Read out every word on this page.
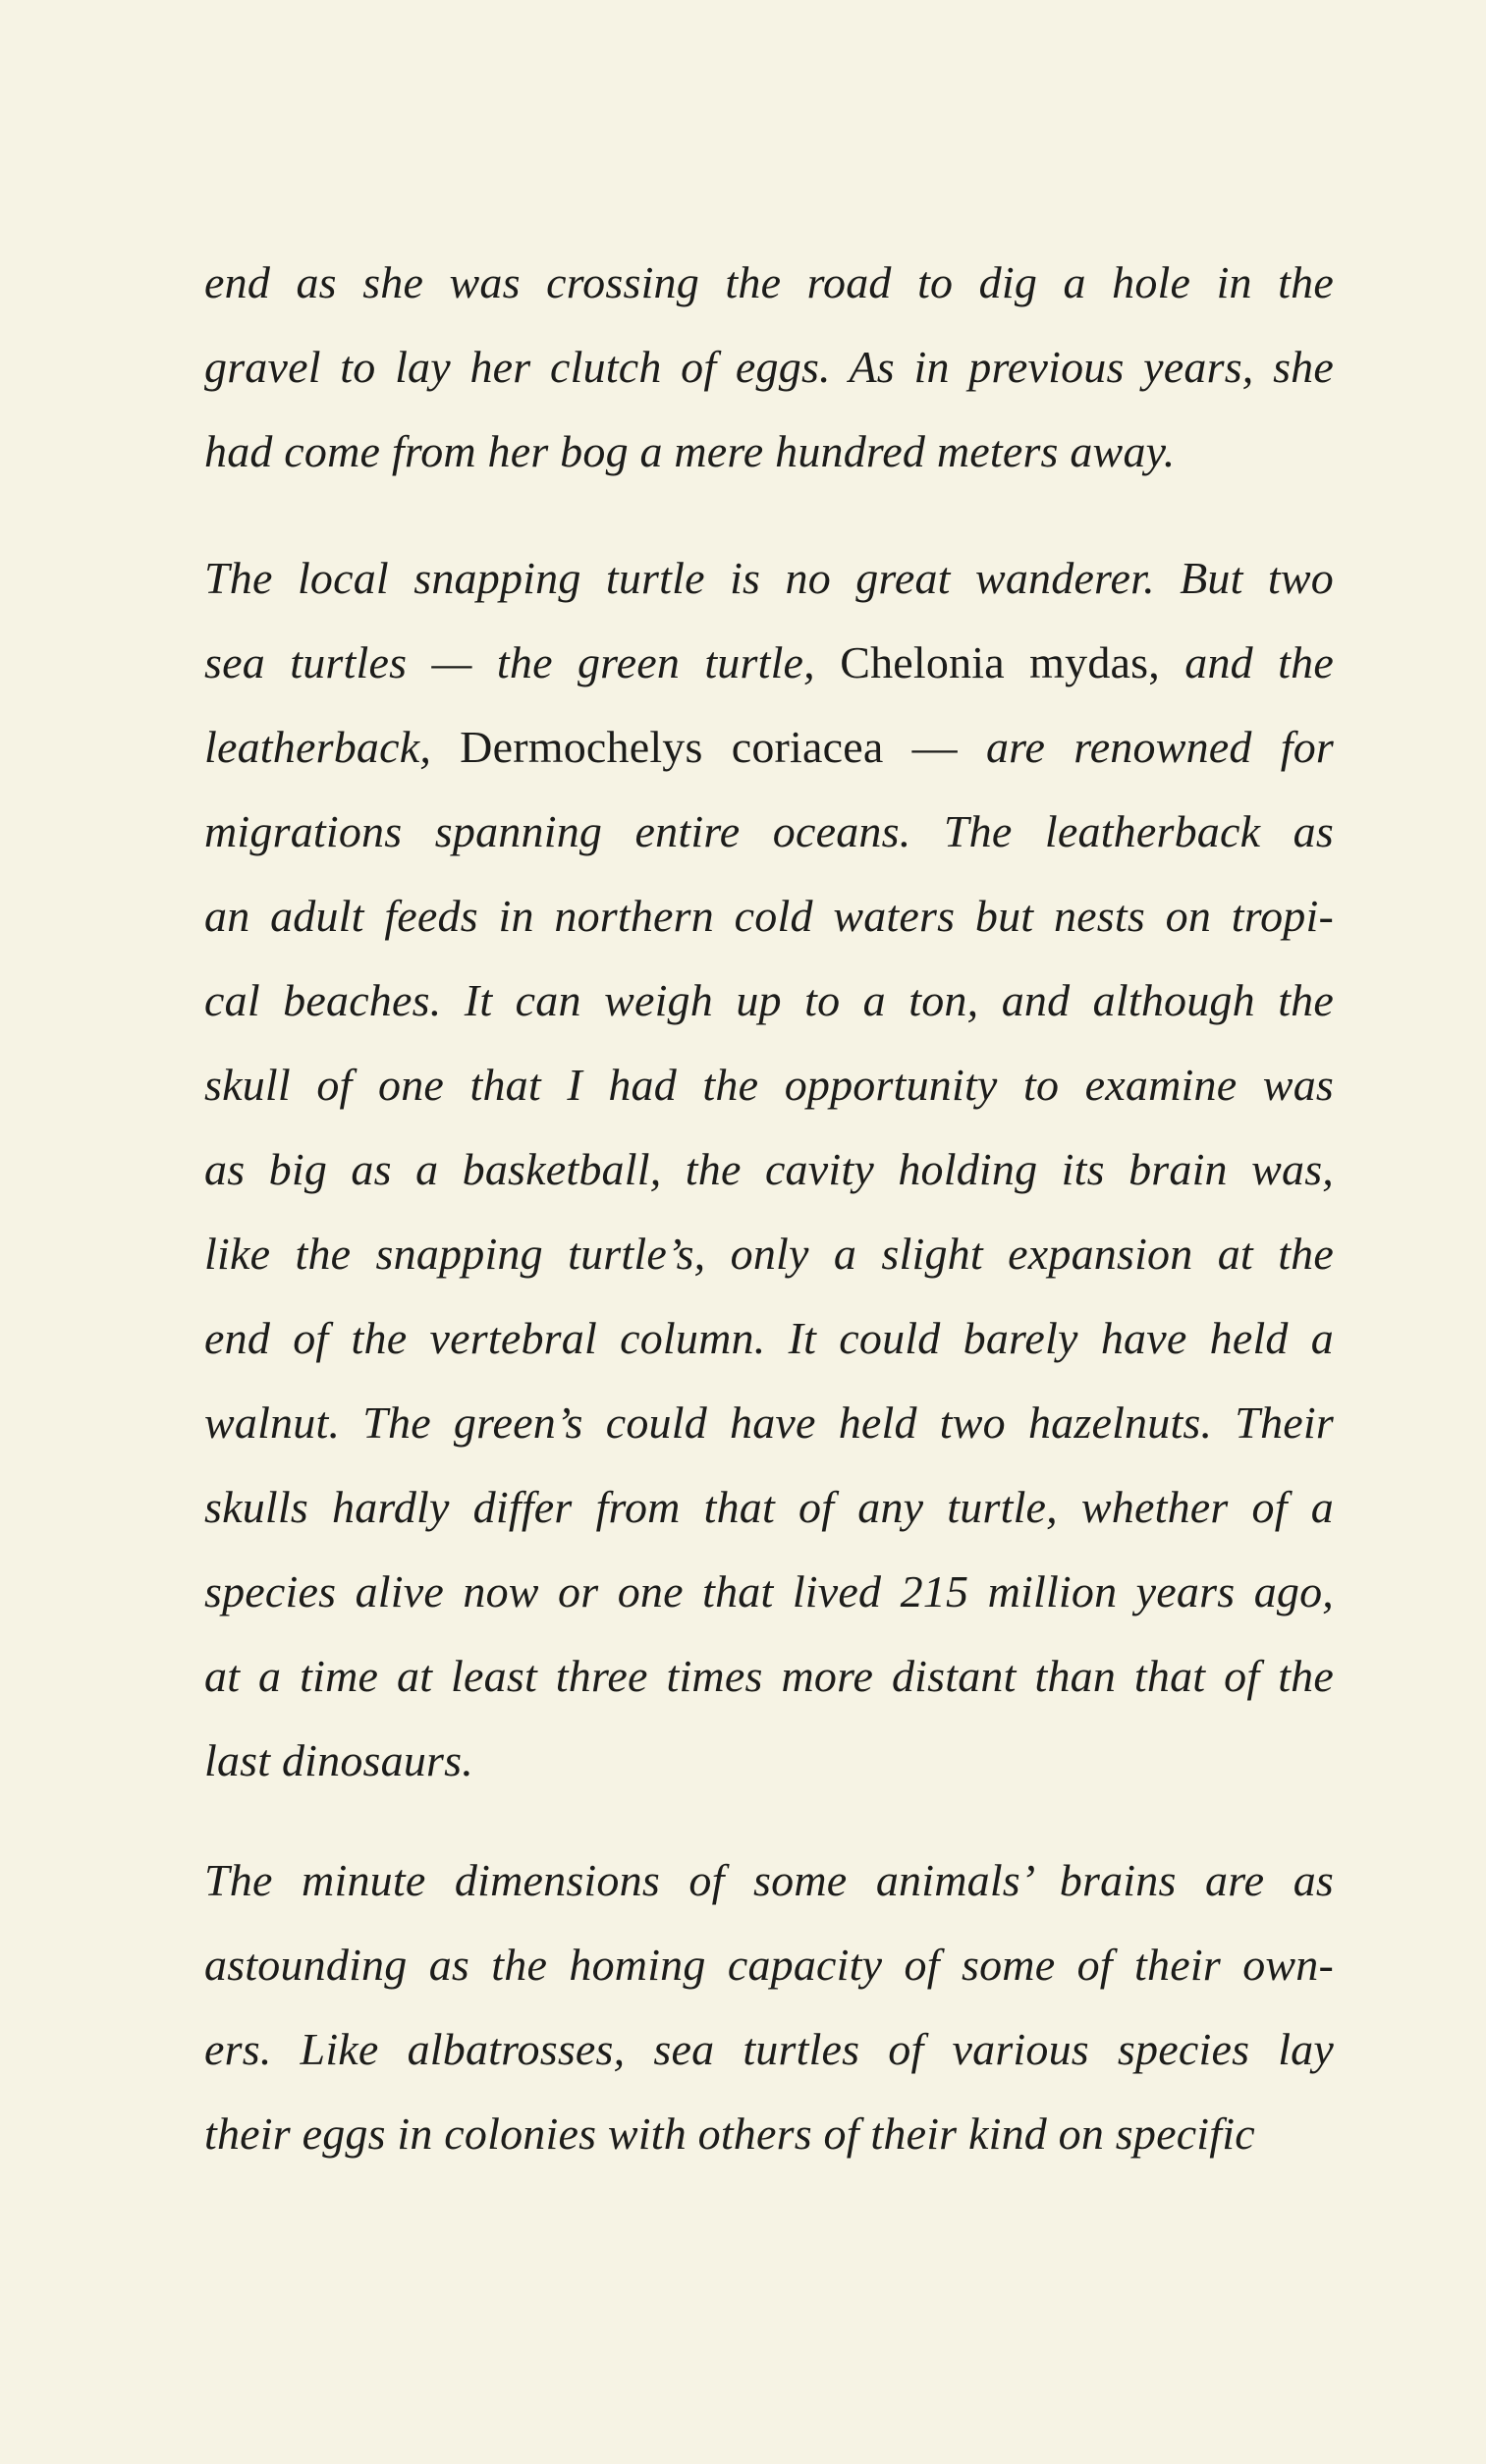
end as she was crossing the road to dig a hole in the
gravel to lay her clutch of eggs. As in previous years, she
had come from her bog a mere hundred meters away.
The local snapping turtle is no great wanderer. But two
sea turtles — the green turtle, Chelonia mydas, and the
leatherback, Dermochelys coriacea — are renowned for
migrations spanning entire oceans. The leatherback as
an adult feeds in northern cold waters but nests on tropi-
cal beaches. It can weigh up to a ton, and although the
skull of one that I had the opportunity to examine was
as big as a basketball, the cavity holding its brain was,
like the snapping turtle’s, only a slight expansion at the
end of the vertebral column. It could barely have held a
walnut. The green’s could have held two hazelnuts. Their
skulls hardly differ from that of any turtle, whether of a
species alive now or one that lived 215 million years ago,
at a time at least three times more distant than that of the
last dinosaurs.
The minute dimensions of some animals’ brains are as
astounding as the homing capacity of some of their own-
ers. Like albatrosses, sea turtles of various species lay
their eggs in colonies with others of their kind on specific
